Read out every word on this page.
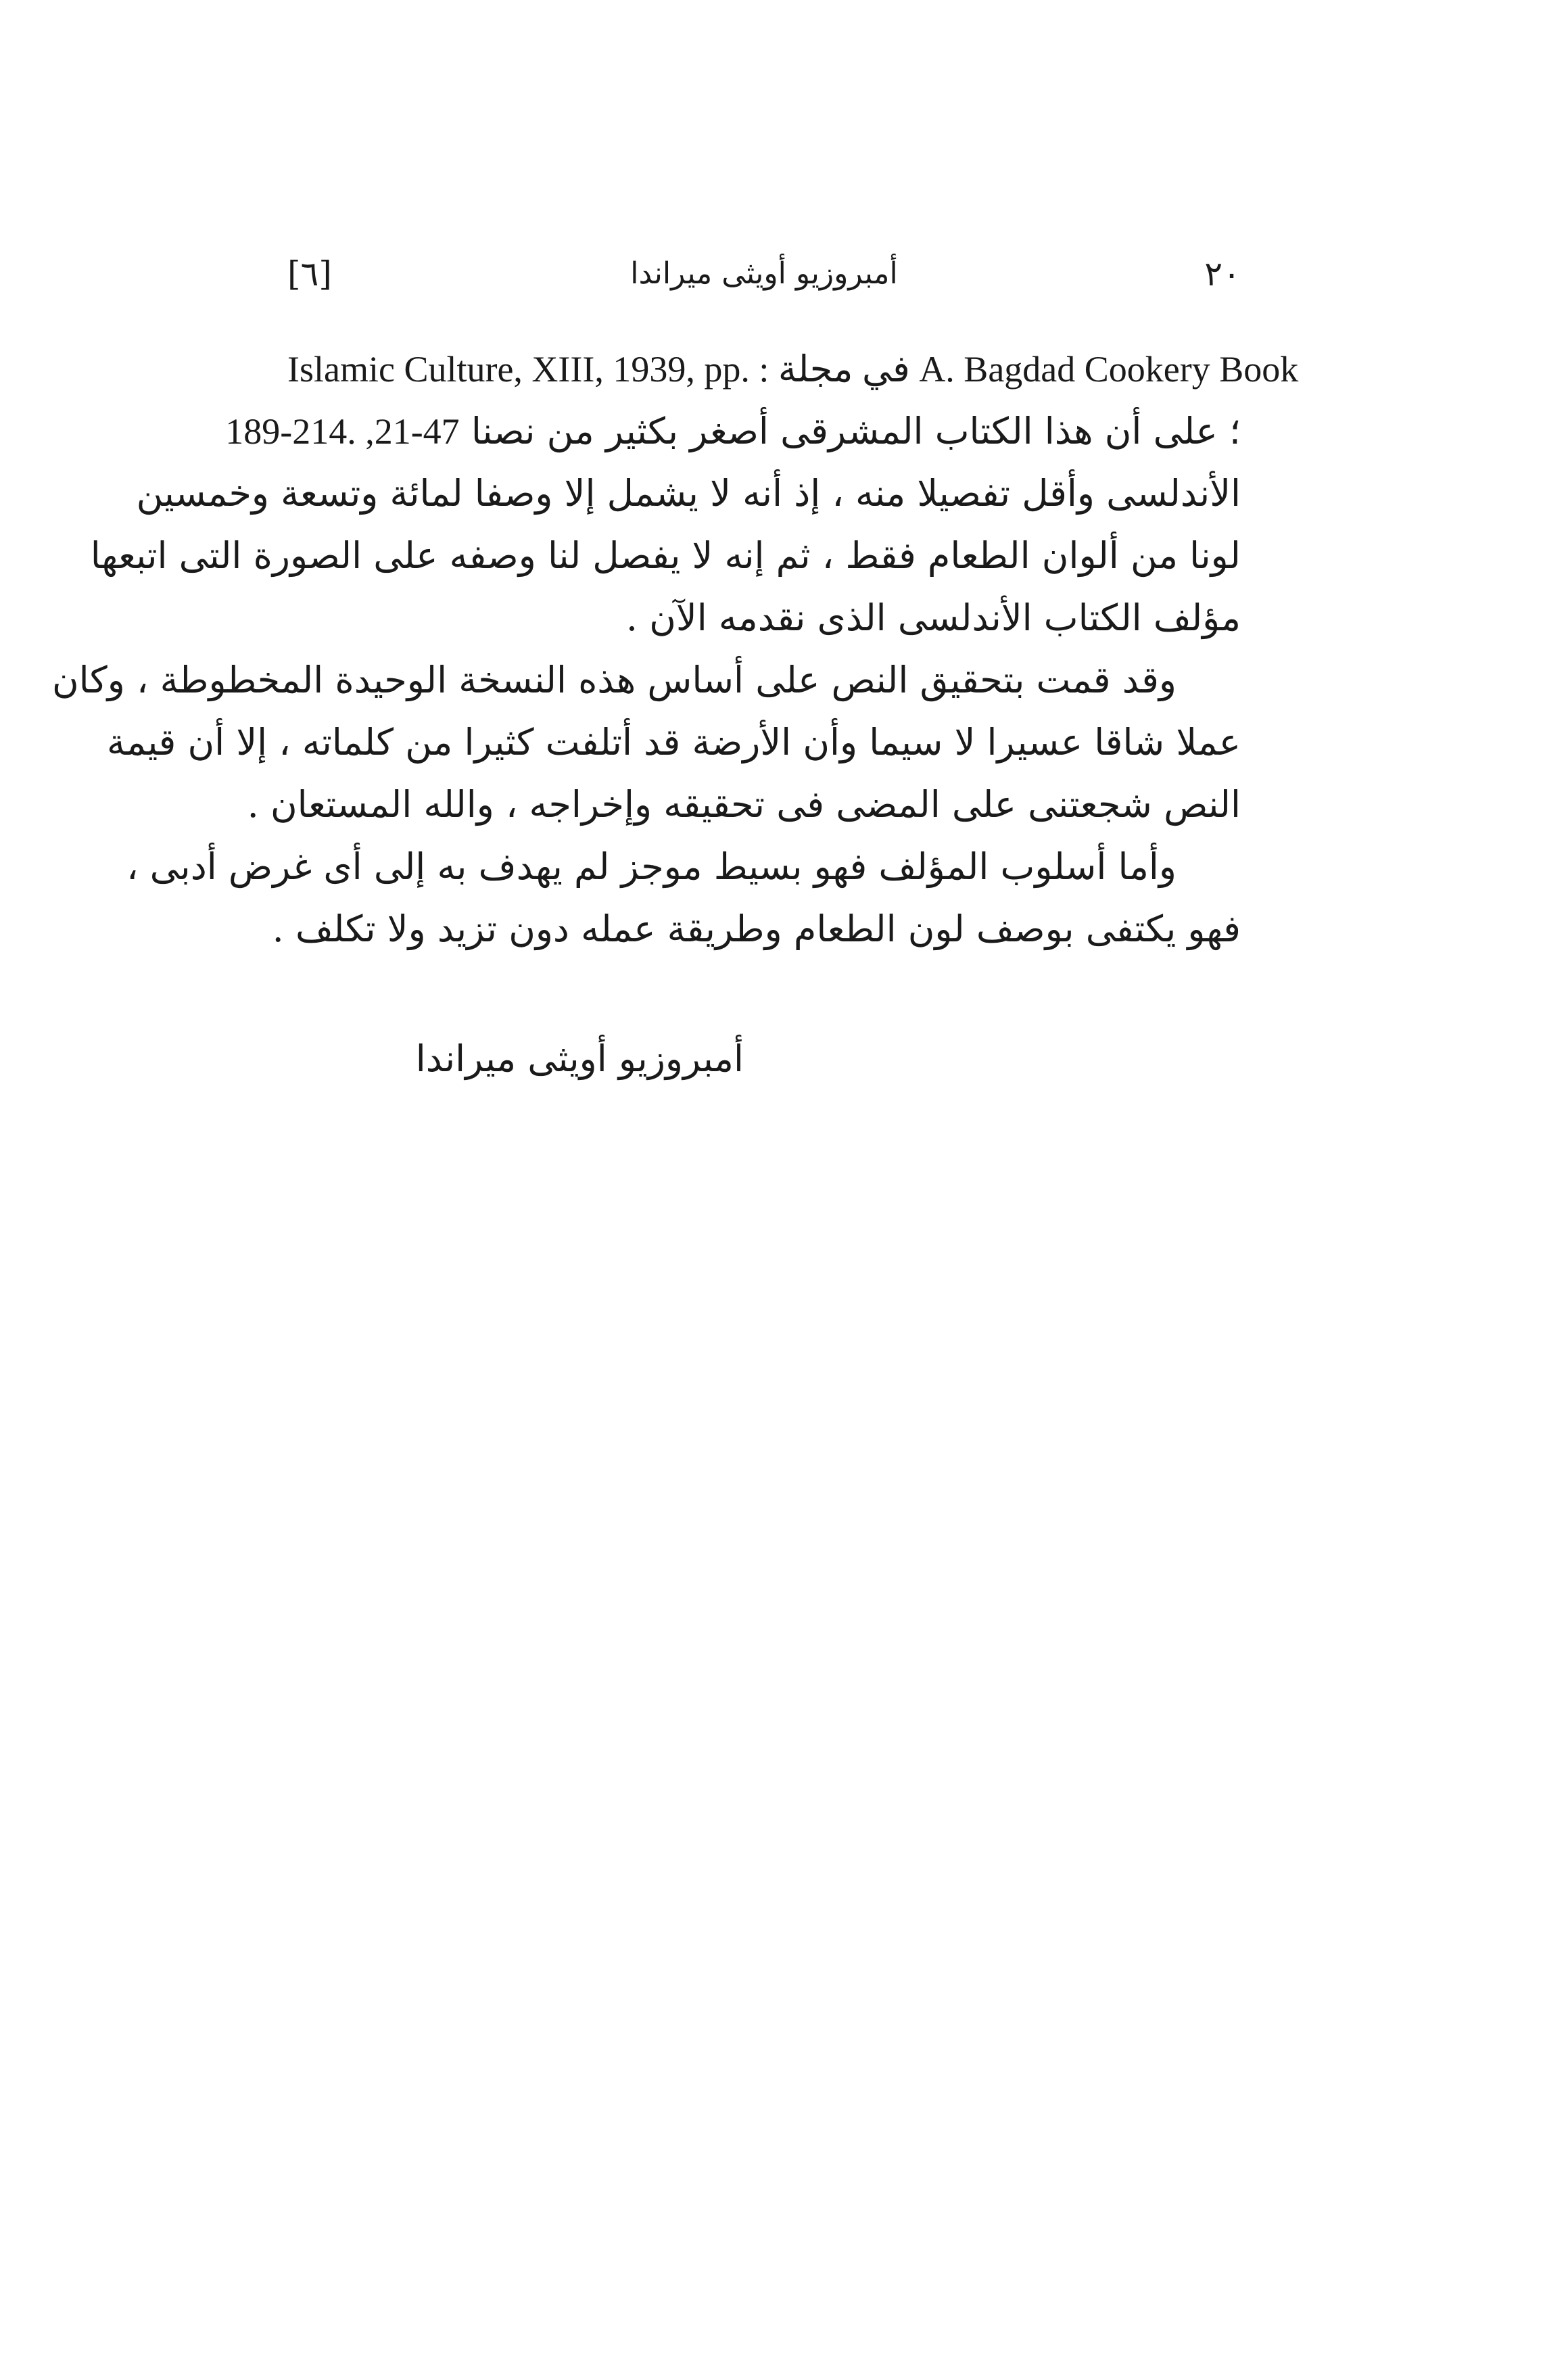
[٦]	أمبروزيو أويثى ميراندا	٢٠
Islamic Culture, XIII, 1939, pp. : في مجلة A. Bagdad Cookery Book
؛ على أن هذا الكتاب المشرقى أصغر بكثير من نصنا 189-214. ,21-47
الأندلسى وأقل تفصيلا منه ، إذ أنه لا يشمل إلا وصفا لمائة وتسعة وخمسين
لونا من ألوان الطعام فقط ، ثم إنه لا يفصل لنا وصفه على الصورة التى اتبعها
مؤلف الكتاب الأندلسى الذى نقدمه الآن .
وقد قمت بتحقيق النص على أساس هذه النسخة الوحيدة المخطوطة ، وكان
عملا شاقا عسيرا لا سيما وأن الأرضة قد أتلفت كثيرا من كلماته ، إلا أن قيمة
النص شجعتنى على المضى فى تحقيقه وإخراجه ، والله المستعان .
وأما أسلوب المؤلف فهو بسيط موجز لم يهدف به إلى أى غرض أدبى ،
فهو يكتفى بوصف لون الطعام وطريقة عمله دون تزيد ولا تكلف .
أمبروزيو أويثى ميراندا
